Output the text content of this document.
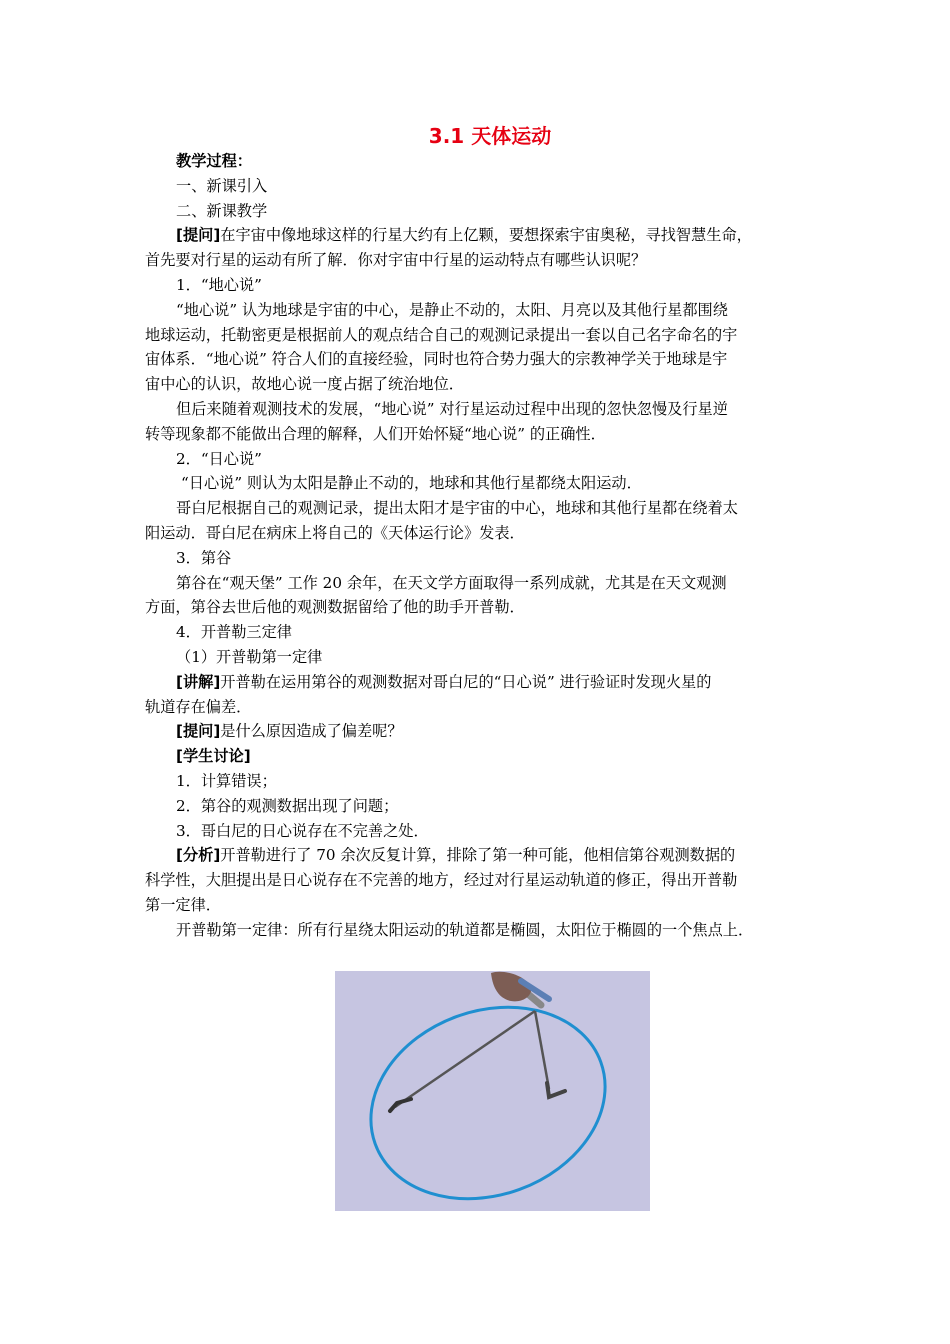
3.1 天体运动

教学过程：

一、新课引入

二、新课教学

[提问]在宇宙中像地球这样的行星大约有上亿颗，要想探索宇宙奥秘，寻找智慧生命，

首先要对行星的运动有所了解．你对宇宙中行星的运动特点有哪些认识呢？

1．“地心说”

“地心说” 认为地球是宇宙的中心，是静止不动的，太阳、月亮以及其他行星都围绕

地球运动，托勒密更是根据前人的观点结合自己的观测记录提出一套以自己名字命名的宇

宙体系．“地心说” 符合人们的直接经验，同时也符合势力强大的宗教神学关于地球是宇

宙中心的认识，故地心说一度占据了统治地位．

但后来随着观测技术的发展，“地心说” 对行星运动过程中出现的忽快忽慢及行星逆

转等现象都不能做出合理的解释，人们开始怀疑“地心说” 的正确性．

2．“日心说”

“日心说” 则认为太阳是静止不动的，地球和其他行星都绕太阳运动．

哥白尼根据自己的观测记录，提出太阳才是宇宙的中心，地球和其他行星都在绕着太

阳运动．哥白尼在病床上将自己的《天体运行论》发表．

3．第谷

第谷在“观天堡” 工作 20 余年，在天文学方面取得一系列成就，尤其是在天文观测

方面，第谷去世后他的观测数据留给了他的助手开普勒．

4．开普勒三定律

（1）开普勒第一定律

[讲解]开普勒在运用第谷的观测数据对哥白尼的“日心说” 进行验证时发现火星的

轨道存在偏差．

[提问]是什么原因造成了偏差呢？

[学生讨论]

1．计算错误；

2．第谷的观测数据出现了问题；

3．哥白尼的日心说存在不完善之处．

[分析]开普勒进行了 70 余次反复计算，排除了第一种可能，他相信第谷观测数据的

科学性，大胆提出是日心说存在不完善的地方，经过对行星运动轨道的修正，得出开普勒

第一定律．

开普勒第一定律：所有行星绕太阳运动的轨道都是椭圆，太阳位于椭圆的一个焦点上．
